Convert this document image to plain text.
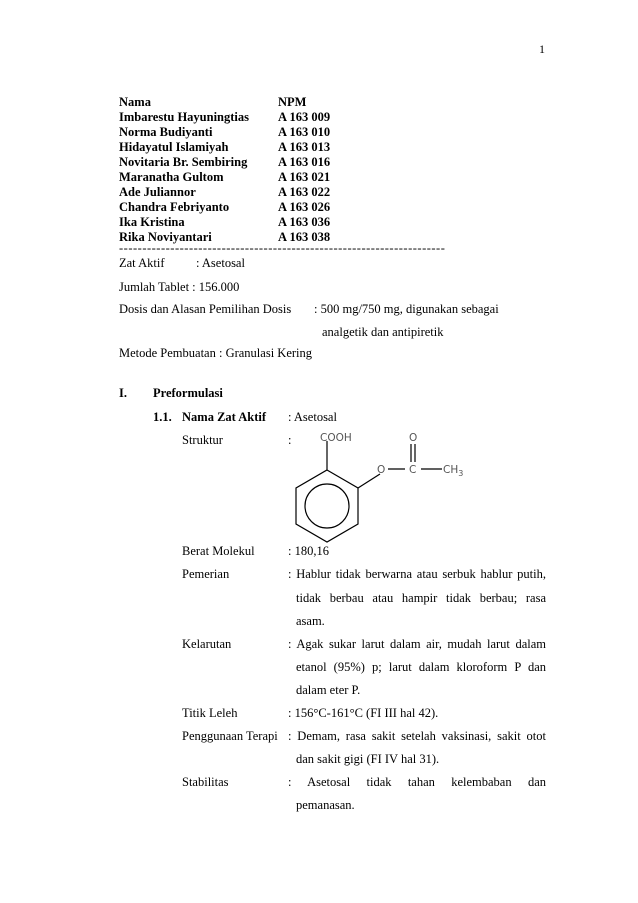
1
Nama	NPM
Imbarestu Hayuningtias	A 163 009
Norma Budiyanti	A 163 010
Hidayatul Islamiyah	A 163 013
Novitaria Br. Sembiring	A 163 016
Maranatha Gultom	A 163 021
Ade Juliannor	A 163 022
Chandra Febriyanto	A 163 026
Ika Kristina	A 163 036
Rika Noviyantari	A 163 038
----------------------------------------------------------------------
Zat Aktif	: Asetosal
Jumlah Tablet : 156.000
Dosis dan Alasan Pemilihan Dosis : 500 mg/750 mg, digunakan sebagai
analgetik dan antipiretik
Metode Pembuatan : Granulasi Kering
I. Preformulasi
1.1. Nama Zat Aktif : Asetosal
Struktur	:	COOH	O
O C	$CH_3$
Berat Molekul	: 180,16
Pemerian	: Hablur tidak berwarna atau serbuk hablur putih,
tidak berbau atau hampir tidak berbau; rasa
asam.
Kelarutan	: Agak sukar larut dalam air, mudah larut dalam
etanol (95%) p; larut dalam kloroform P dan
dalam eter P.
Titik Leleh	: 156°C-161°C (FI III hal 42).
Penggunaan Terapi : Demam, rasa sakit setelah vaksinasi, sakit otot
dan sakit gigi (FI IV hal 31).
Stabilitas	: Asetosal tidak tahan kelembaban dan
pemanasan.
